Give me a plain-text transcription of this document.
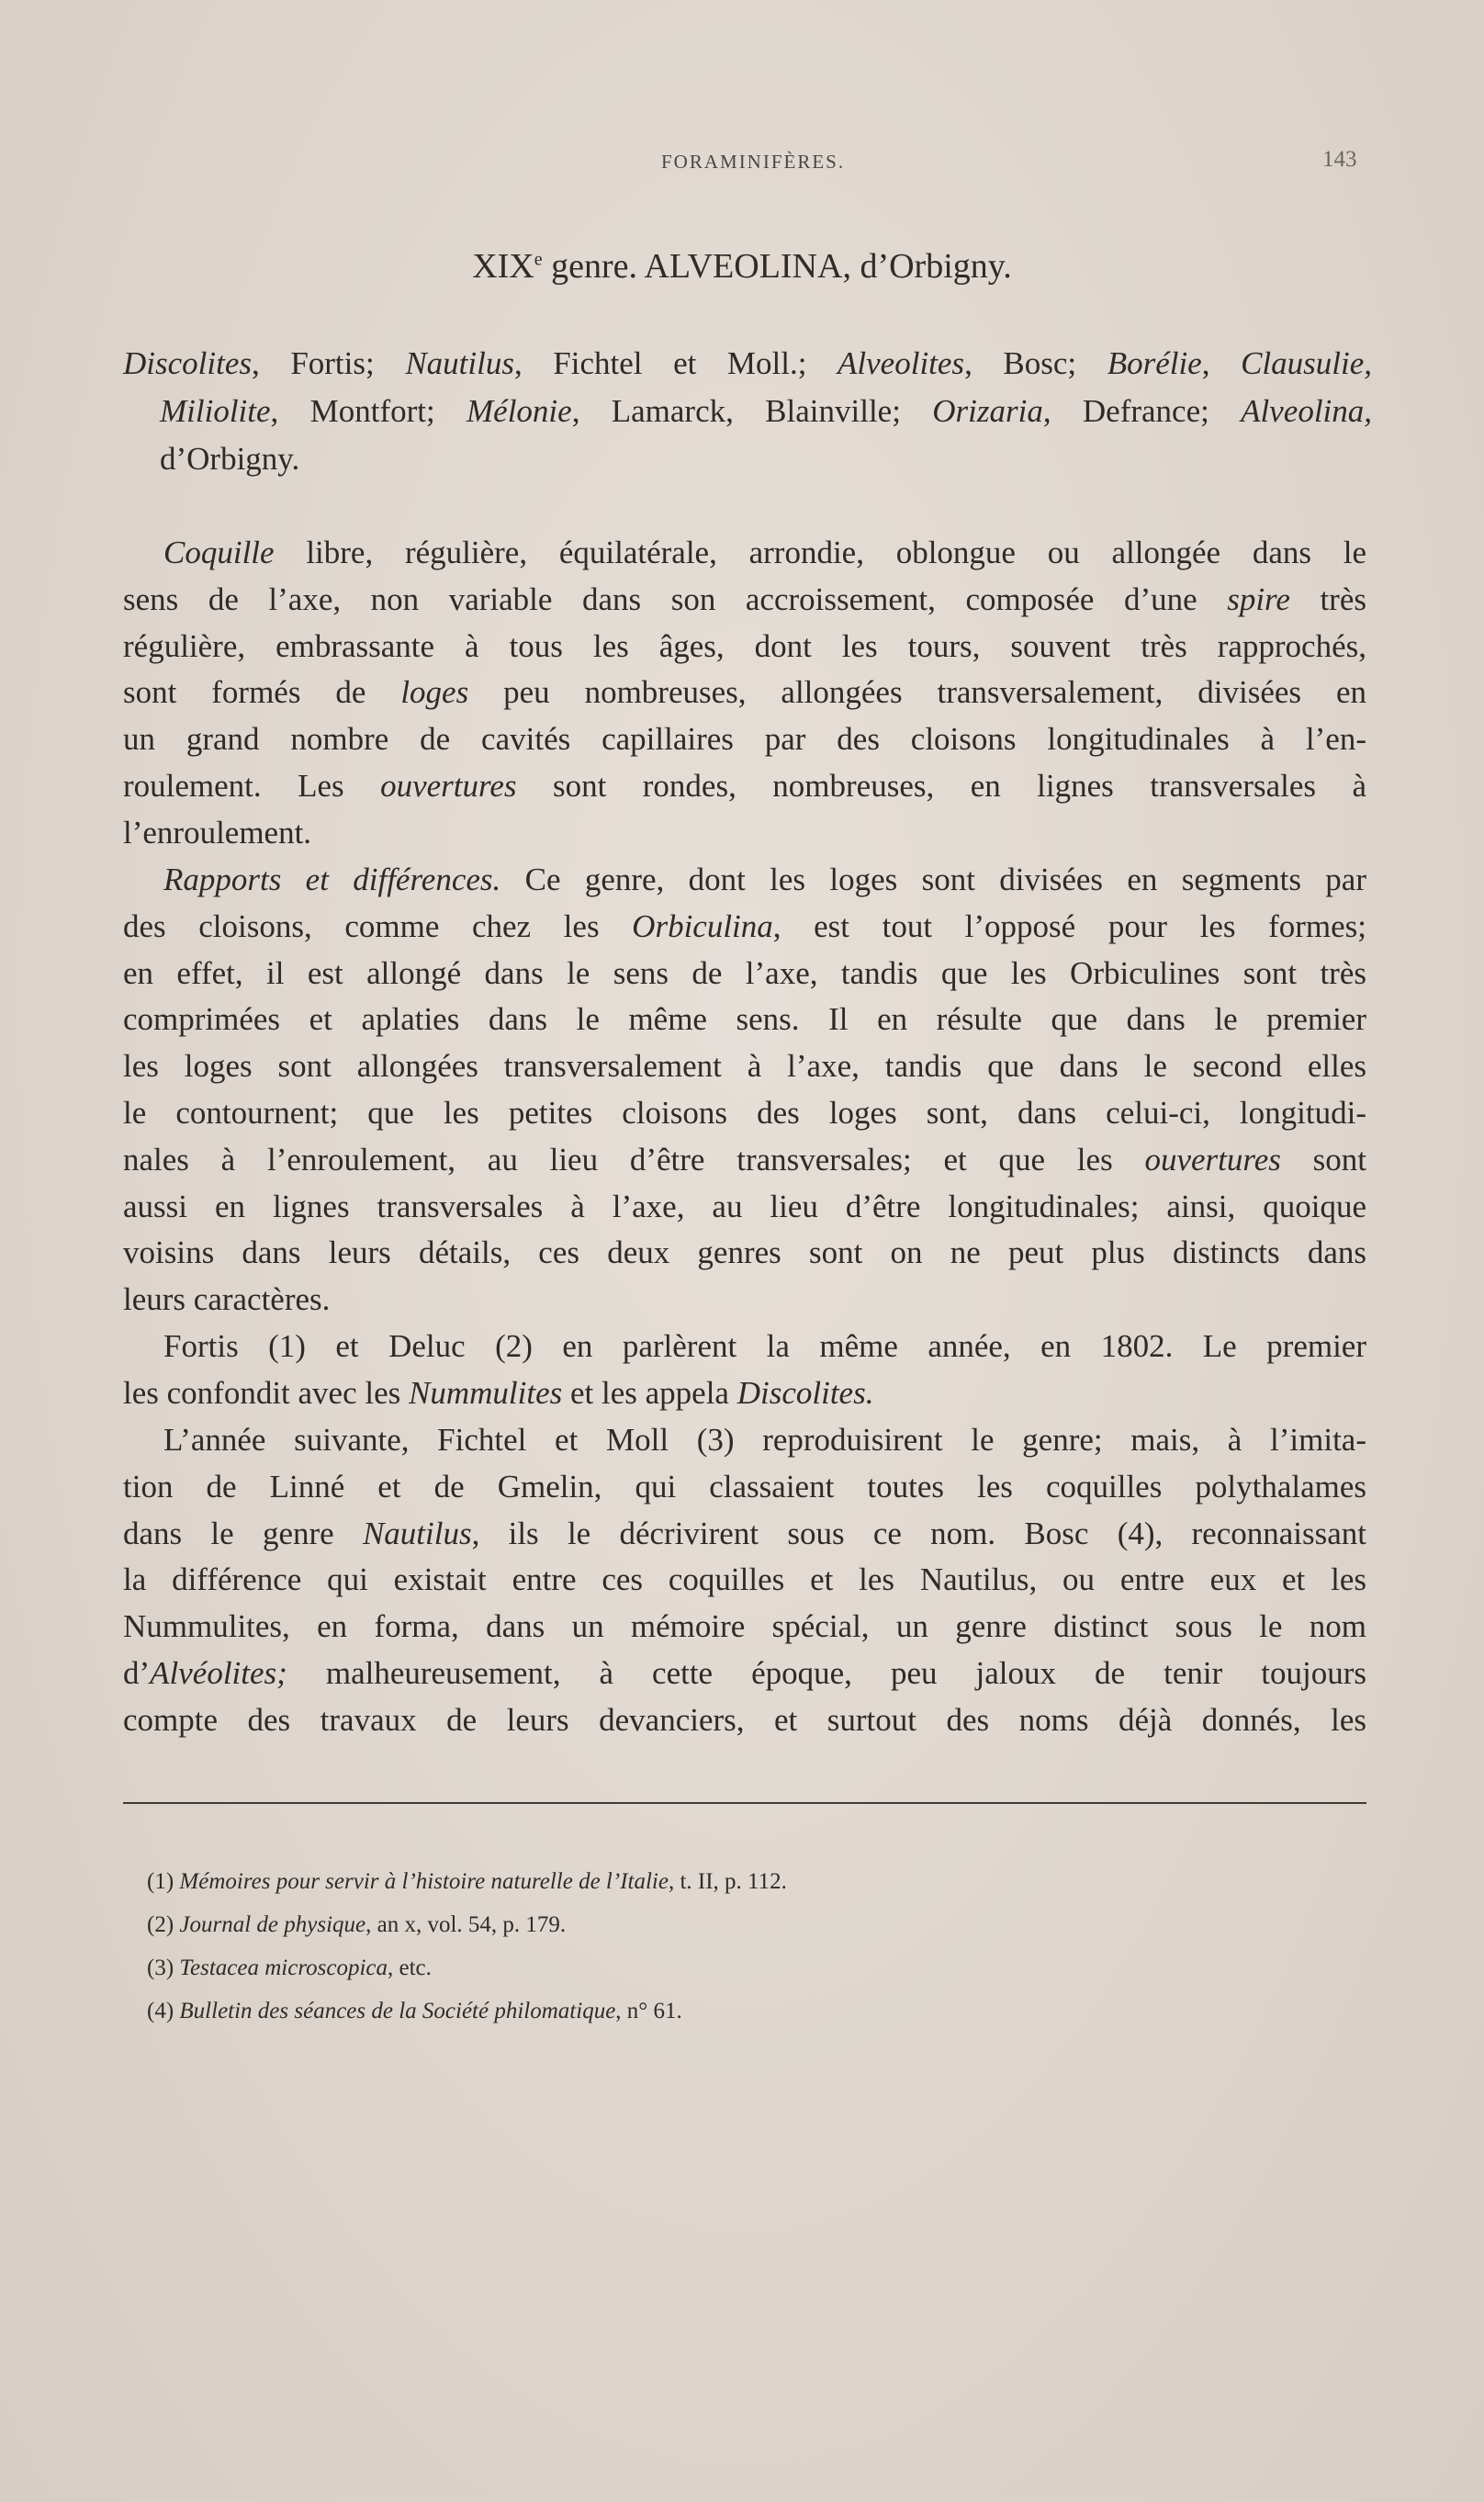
FORAMINIFÈRES.	143
XIXe genre. ALVEOLINA, d’Orbigny.
Discolites, Fortis; Nautilus, Fichtel et Moll.; Alveolites, Bosc; Borélie, Clausulie,
Miliolite, Montfort; Mélonie, Lamarck, Blainville; Orizaria, Defrance; Alveolina,
d’Orbigny.
Coquille libre, régulière, équilatérale, arrondie, oblongue ou allongée dans le
sens de l’axe, non variable dans son accroissement, composée d’une spire très
régulière, embrassante à tous les âges, dont les tours, souvent très rapprochés,
sont formés de loges peu nombreuses, allongées transversalement, divisées en
un grand nombre de cavités capillaires par des cloisons longitudinales à l’en-
roulement. Les ouvertures sont rondes, nombreuses, en lignes transversales à
l’enroulement.
Rapports et différences. Ce genre, dont les loges sont divisées en segments par
des cloisons, comme chez les Orbiculina, est tout l’opposé pour les formes;
en effet, il est allongé dans le sens de l’axe, tandis que les Orbiculines sont très
comprimées et aplaties dans le même sens. Il en résulte que dans le premier
les loges sont allongées transversalement à l’axe, tandis que dans le second elles
le contournent; que les petites cloisons des loges sont, dans celui-ci, longitudi-
nales à l’enroulement, au lieu d’être transversales; et que les ouvertures sont
aussi en lignes transversales à l’axe, au lieu d’être longitudinales; ainsi, quoique
voisins dans leurs détails, ces deux genres sont on ne peut plus distincts dans
leurs caractères.
Fortis (1) et Deluc (2) en parlèrent la même année, en 1802. Le premier
les confondit avec les Nummulites et les appela Discolites.
L’année suivante, Fichtel et Moll (3) reproduisirent le genre; mais, à l’imita-
tion de Linné et de Gmelin, qui classaient toutes les coquilles polythalames
dans le genre Nautilus, ils le décrivirent sous ce nom. Bosc (4), reconnaissant
la différence qui existait entre ces coquilles et les Nautilus, ou entre eux et les
Nummulites, en forma, dans un mémoire spécial, un genre distinct sous le nom
d’Alvéolites; malheureusement, à cette époque, peu jaloux de tenir toujours
compte des travaux de leurs devanciers, et surtout des noms déjà donnés, les
(1) Mémoires pour servir à l’histoire naturelle de l’Italie, t. II, p. 112.
(2) Journal de physique, an x, vol. 54, p. 179.
(3) Testacea microscopica, etc.
(4) Bulletin des séances de la Société philomatique, n° 61.
